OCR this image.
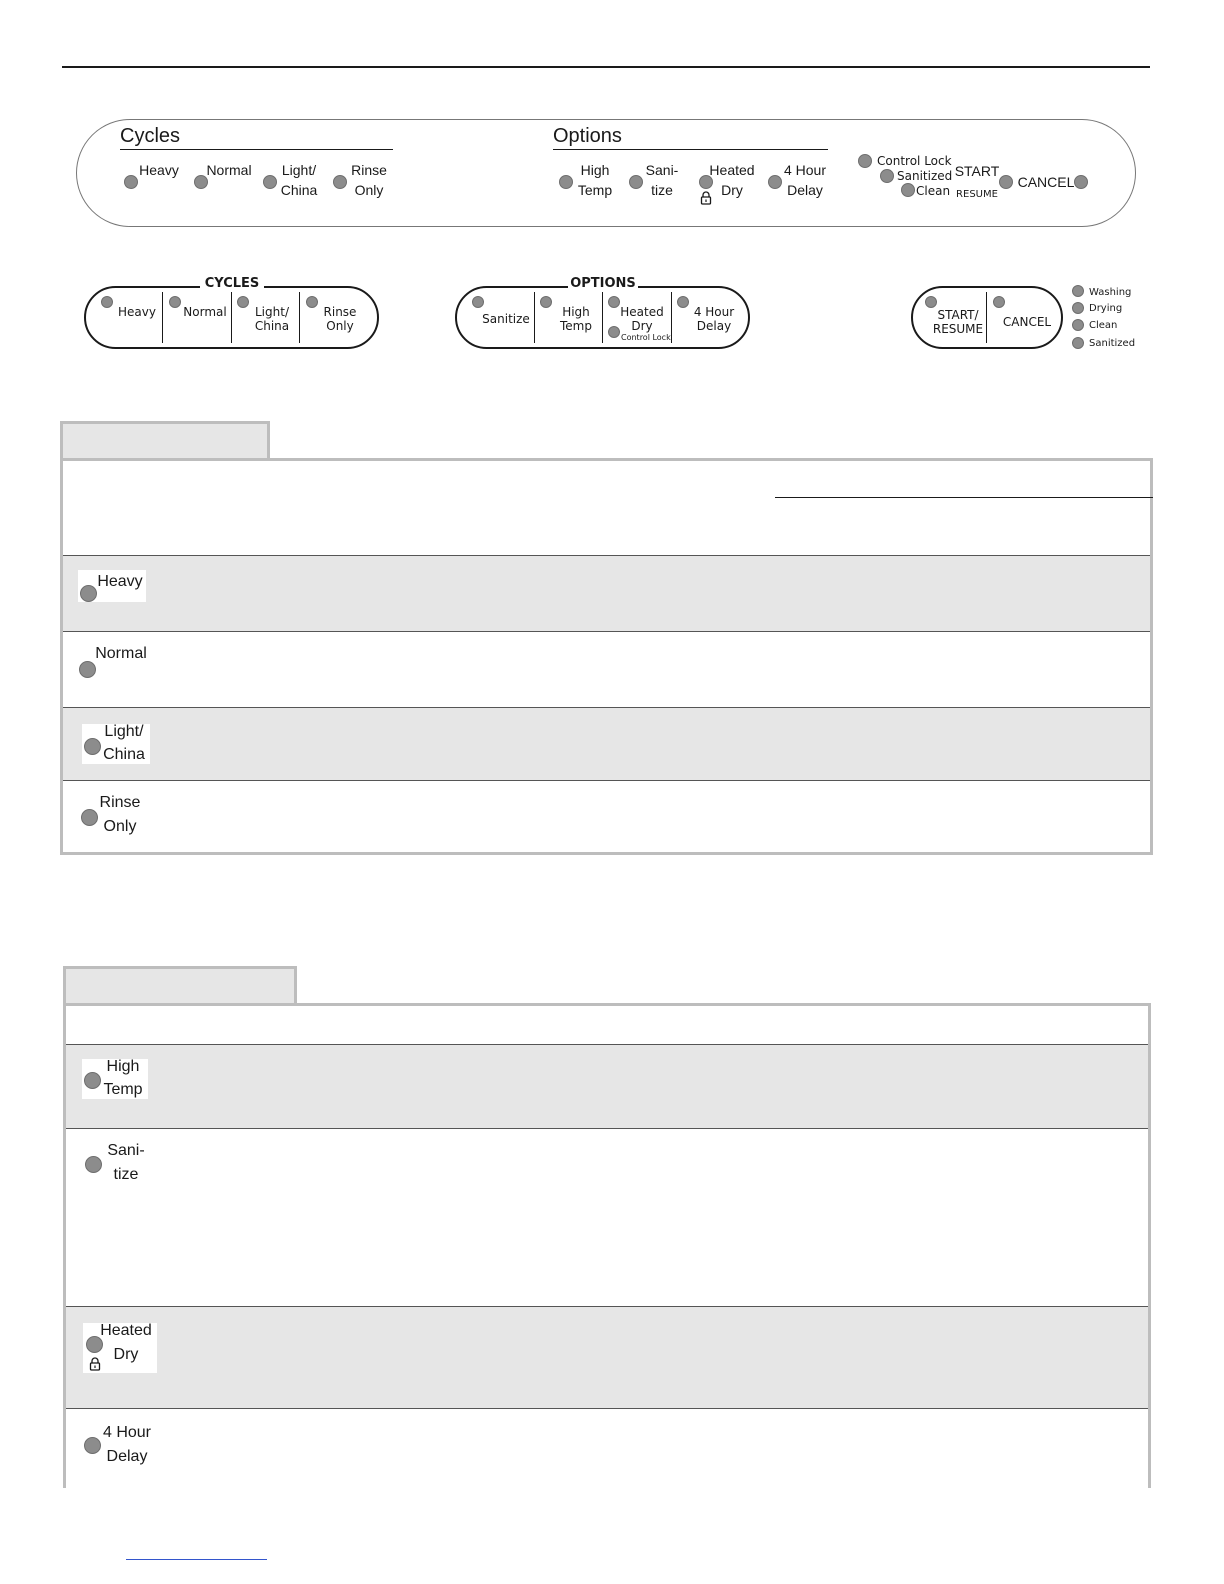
Cycles	Options
Heavy	Normal	Light/
China
Rinse
Only
High
Temp
Sani-
tize
Heated
Dry
4 Hour
Delay
Control Lock
Sanitized
Clean
START
RESUME
CANCEL
CYCLES
Heavy	Normal	Light/
China
Rinse
Only
OPTIONS
Sanitize	High
Temp
Heated
Dry
Control Lock
4 Hour
Delay
START/
RESUME	CANCEL
Washing
Drying
Clean
Sanitized
Heavy
Normal
Light/
China
Rinse
Only
High
Temp
Sani-
tize
Heated
Dry
4 Hour
Delay
